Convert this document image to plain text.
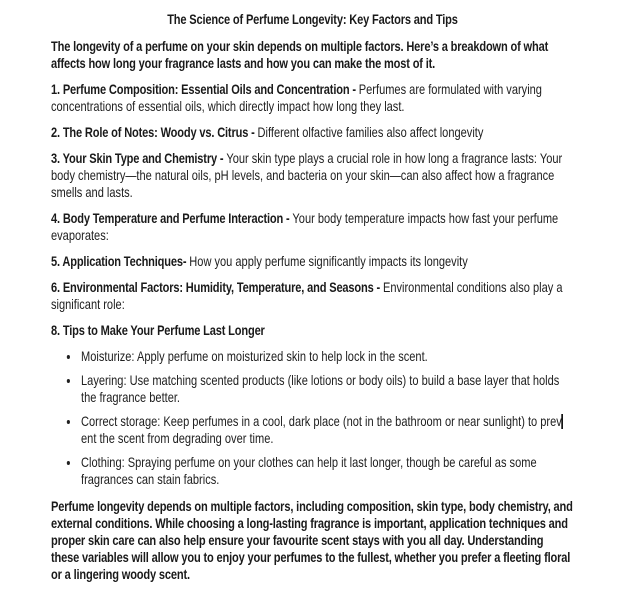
The Science of Perfume Longevity: Key Factors and Tips

The longevity of a perfume on your skin depends on multiple factors. Here’s a breakdown of what affects how long your fragrance lasts and how you can make the most of it.

1. Perfume Composition: Essential Oils and Concentration - Perfumes are formulated with varying concentrations of essential oils, which directly impact how long they last.

2. The Role of Notes: Woody vs. Citrus - Different olfactive families also affect longevity

3. Your Skin Type and Chemistry - Your skin type plays a crucial role in how long a fragrance lasts: Your body chemistry—the natural oils, pH levels, and bacteria on your skin—can also affect how a fragrance smells and lasts.

4. Body Temperature and Perfume Interaction - Your body temperature impacts how fast your perfume evaporates:

5. Application Techniques- How you apply perfume significantly impacts its longevity

6. Environmental Factors: Humidity, Temperature, and Seasons - Environmental conditions also play a significant role:

8. Tips to Make Your Perfume Last Longer

• Moisturize: Apply perfume on moisturized skin to help lock in the scent.
• Layering: Use matching scented products (like lotions or body oils) to build a base layer that holds the fragrance better.
• Correct storage: Keep perfumes in a cool, dark place (not in the bathroom or near sunlight) to prevent the scent from degrading over time.
• Clothing: Spraying perfume on your clothes can help it last longer, though be careful as some fragrances can stain fabrics.

Perfume longevity depends on multiple factors, including composition, skin type, body chemistry, and external conditions. While choosing a long-lasting fragrance is important, application techniques and proper skin care can also help ensure your favourite scent stays with you all day. Understanding these variables will allow you to enjoy your perfumes to the fullest, whether you prefer a fleeting floral or a lingering woody scent.
